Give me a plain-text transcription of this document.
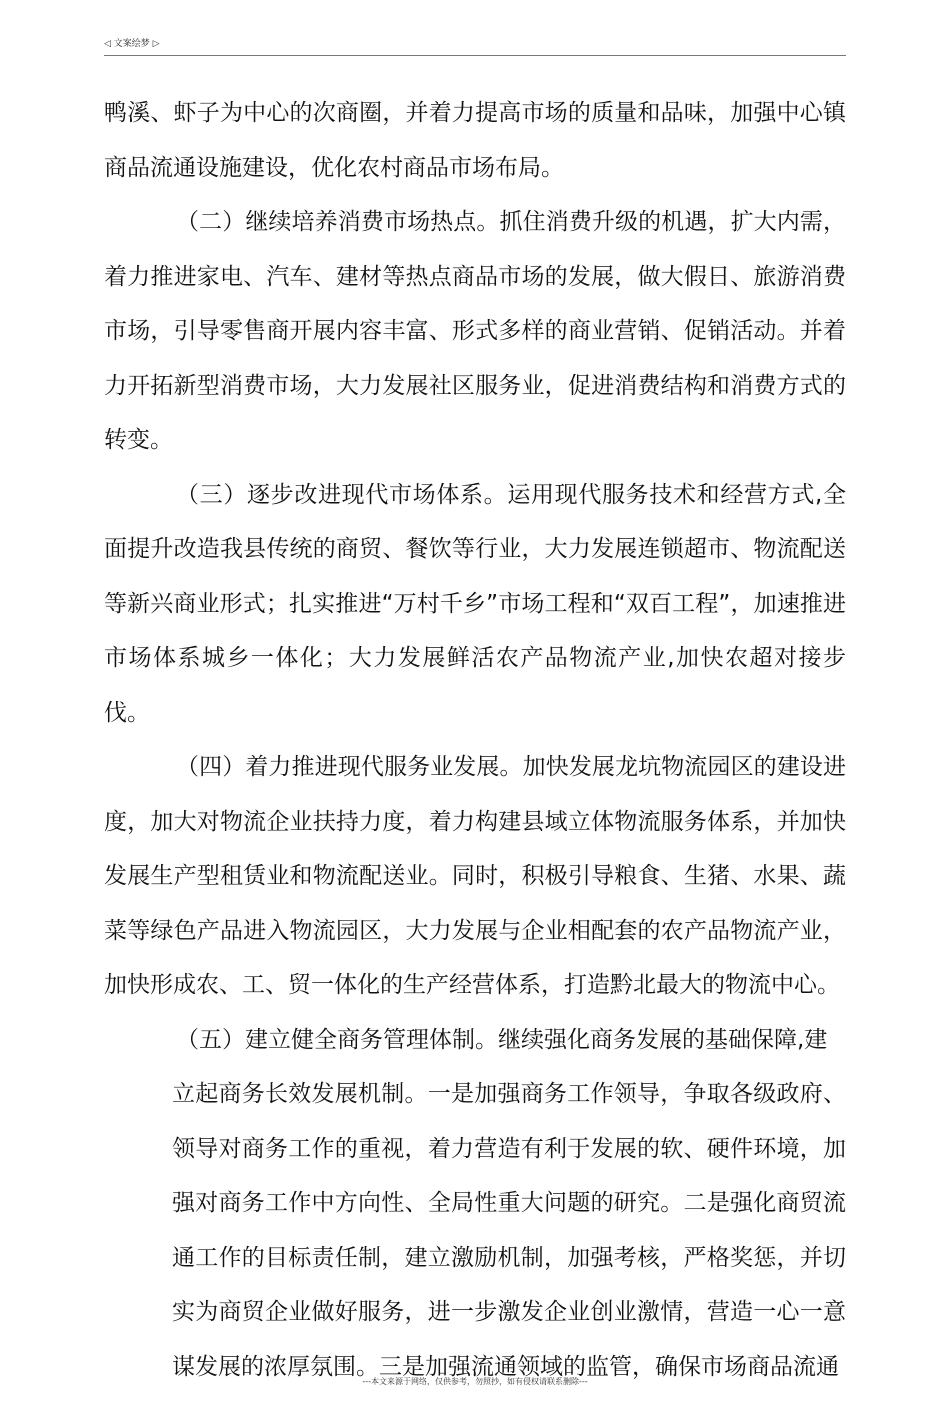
◁ 文案绘梦 ▷

鸭溪、虾子为中心的次商圈，并着力提高市场的质量和品味，加强中心镇商品流通设施建设，优化农村商品市场布局。

（二）继续培养消费市场热点。抓住消费升级的机遇，扩大内需，着力推进家电、汽车、建材等热点商品市场的发展，做大假日、旅游消费市场，引导零售商开展内容丰富、形式多样的商业营销、促销活动。并着力开拓新型消费市场，大力发展社区服务业，促进消费结构和消费方式的转变。

（三）逐步改进现代市场体系。运用现代服务技术和经营方式,全面提升改造我县传统的商贸、餐饮等行业，大力发展连锁超市、物流配送等新兴商业形式；扎实推进“万村千乡”市场工程和“双百工程”，加速推进市场体系城乡一体化；大力发展鲜活农产品物流产业,加快农超对接步伐。

（四）着力推进现代服务业发展。加快发展龙坑物流园区的建设进度，加大对物流企业扶持力度，着力构建县域立体物流服务体系，并加快发展生产型租赁业和物流配送业。同时，积极引导粮食、生猪、水果、蔬菜等绿色产品进入物流园区，大力发展与企业相配套的农产品物流产业，加快形成农、工、贸一体化的生产经营体系，打造黔北最大的物流中心。

（五）建立健全商务管理体制。继续强化商务发展的基础保障,建
立起商务长效发展机制。一是加强商务工作领导，争取各级政府、领导对商务工作的重视，着力营造有利于发展的软、硬件环境，加强对商务工作中方向性、全局性重大问题的研究。二是强化商贸流通工作的目标责任制，建立激励机制，加强考核，严格奖惩，并切实为商贸企业做好服务，进一步激发企业创业激情，营造一心一意谋发展的浓厚氛围。三是加强流通领域的监管，确保市场商品流通
---本文来源于网络，仅供参考，勿照抄，如有侵权请联系删除---
